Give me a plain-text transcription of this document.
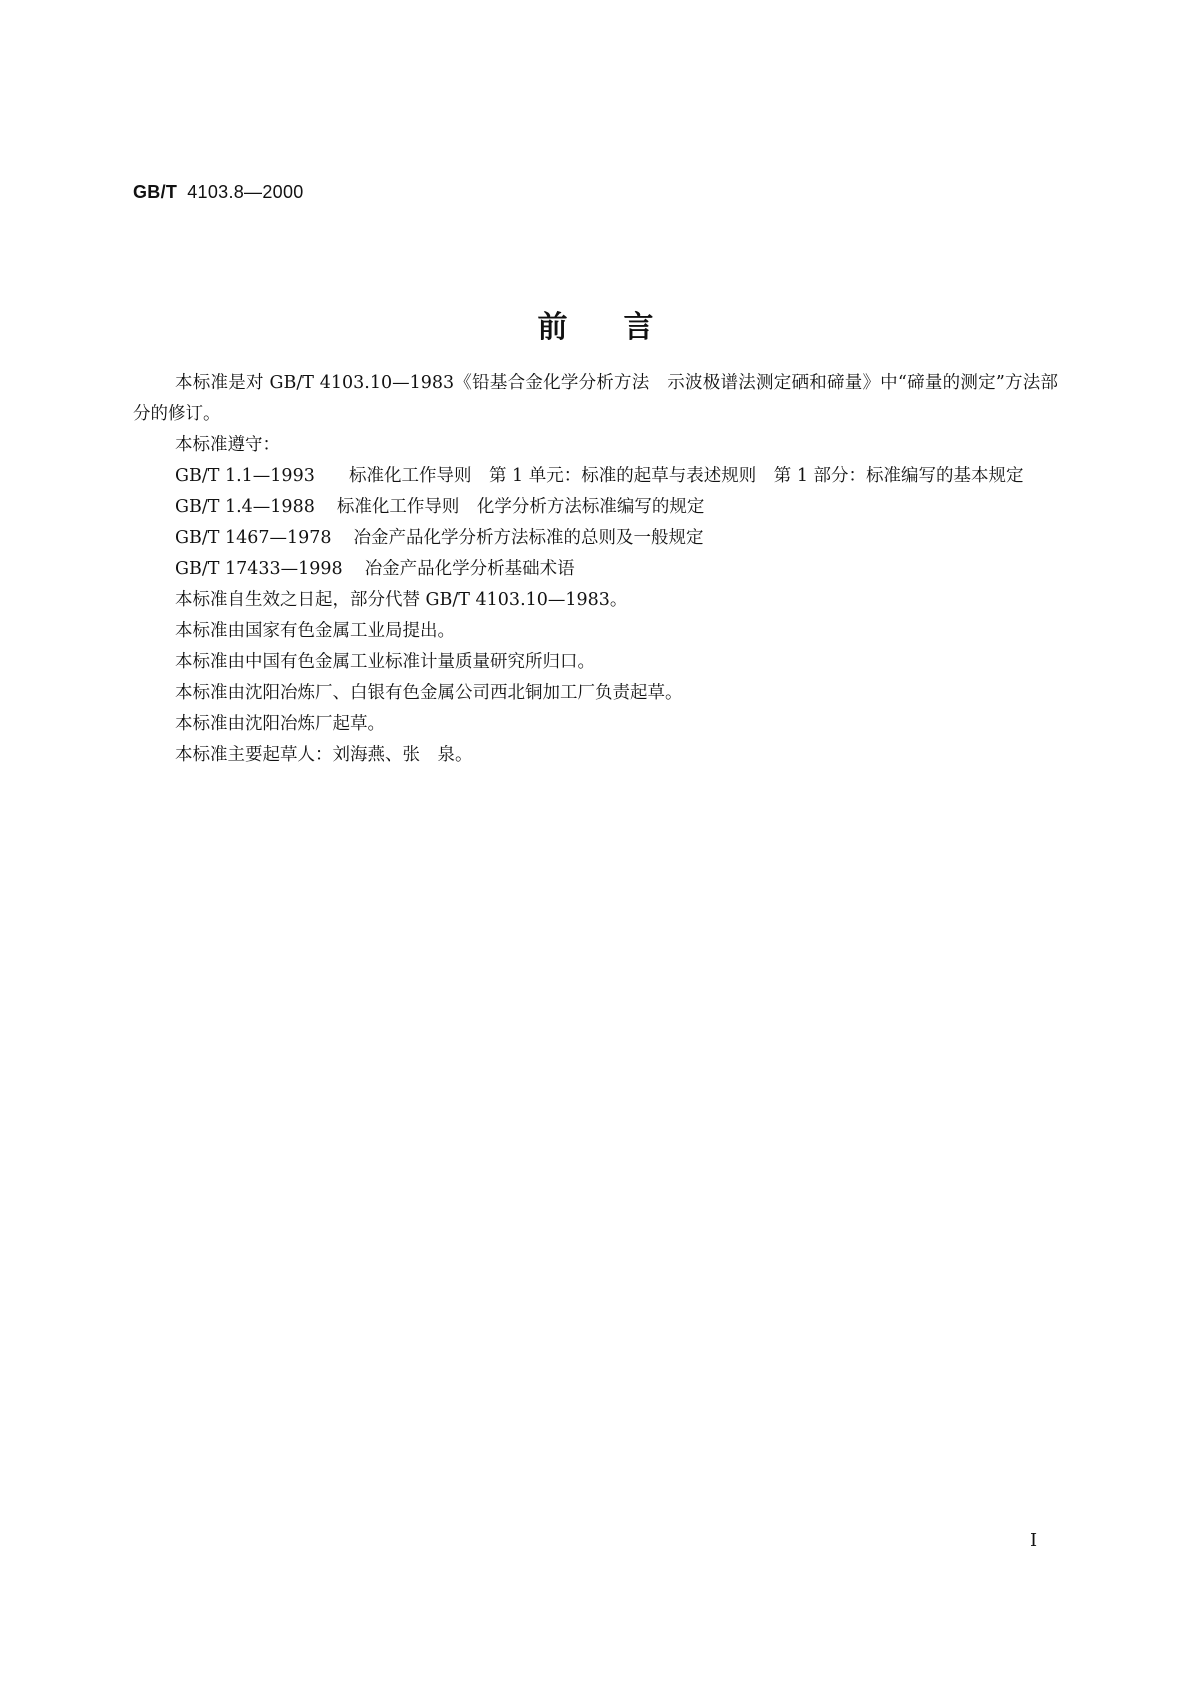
GB/T 4103.8—2000
前言

本标准是对 GB/T 4103.10—1983《铅基合金化学分析方法　示波极谱法测定硒和碲量》中“碲量的测定”方法部分的修订。

本标准遵守：

GB/T 1.1—1993	标准化工作导则　第 1 单元：标准的起草与表述规则　第 1 部分：标准编写的基本规定
GB/T 1.4—1988 标准化工作导则　化学分析方法标准编写的规定
GB/T 1467—1978 冶金产品化学分析方法标准的总则及一般规定
GB/T 17433—1998 冶金产品化学分析基础术语

本标准自生效之日起，部分代替 GB/T 4103.10—1983。

本标准由国家有色金属工业局提出。

本标准由中国有色金属工业标准计量质量研究所归口。

本标准由沈阳冶炼厂、白银有色金属公司西北铜加工厂负责起草。

本标准由沈阳冶炼厂起草。

本标准主要起草人：刘海燕、张　泉。

I
